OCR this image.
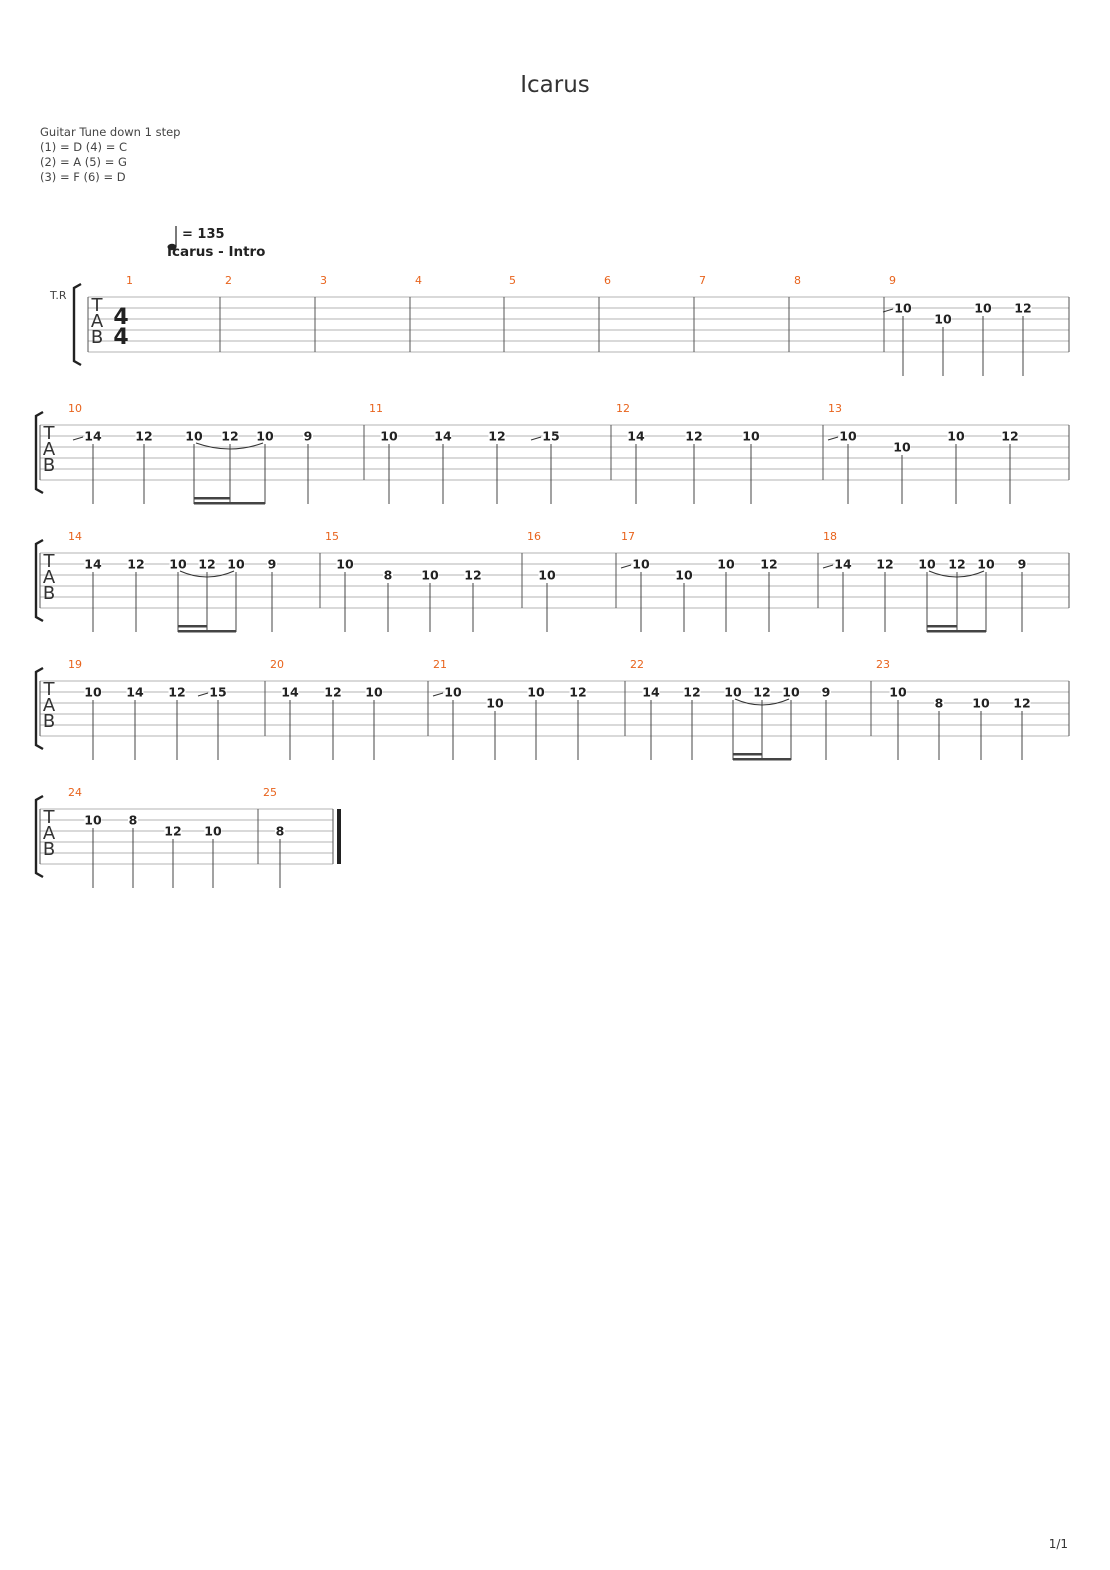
Icarus
Guitar Tune down 1 step
(1) = D (4) = C
(2) = A (5) = G
(3) = F (6) = D
= 135
Icarus - Intro
T.R T
A
B
4
4
1	2	3	4	5	6	7	8	9
10
10
10 12
T
A
B
10	11	12	13
14	12	10 12 10 9	10	14	12	15	14	12	10	10
10
10	12
T
A
B
14	15	16	17	18
14 12 10 12 10 9	10
8 10 12	10
10
10
10 12	14 12 10 12 10 9
T
A
B
19	20	21	22	23
10 14 12 15	14 12 10	10
10
10 12	14 12 10 12 10 9	10
8 10 12
T
A
B
24	25
10 8
12 10	8
1/1
